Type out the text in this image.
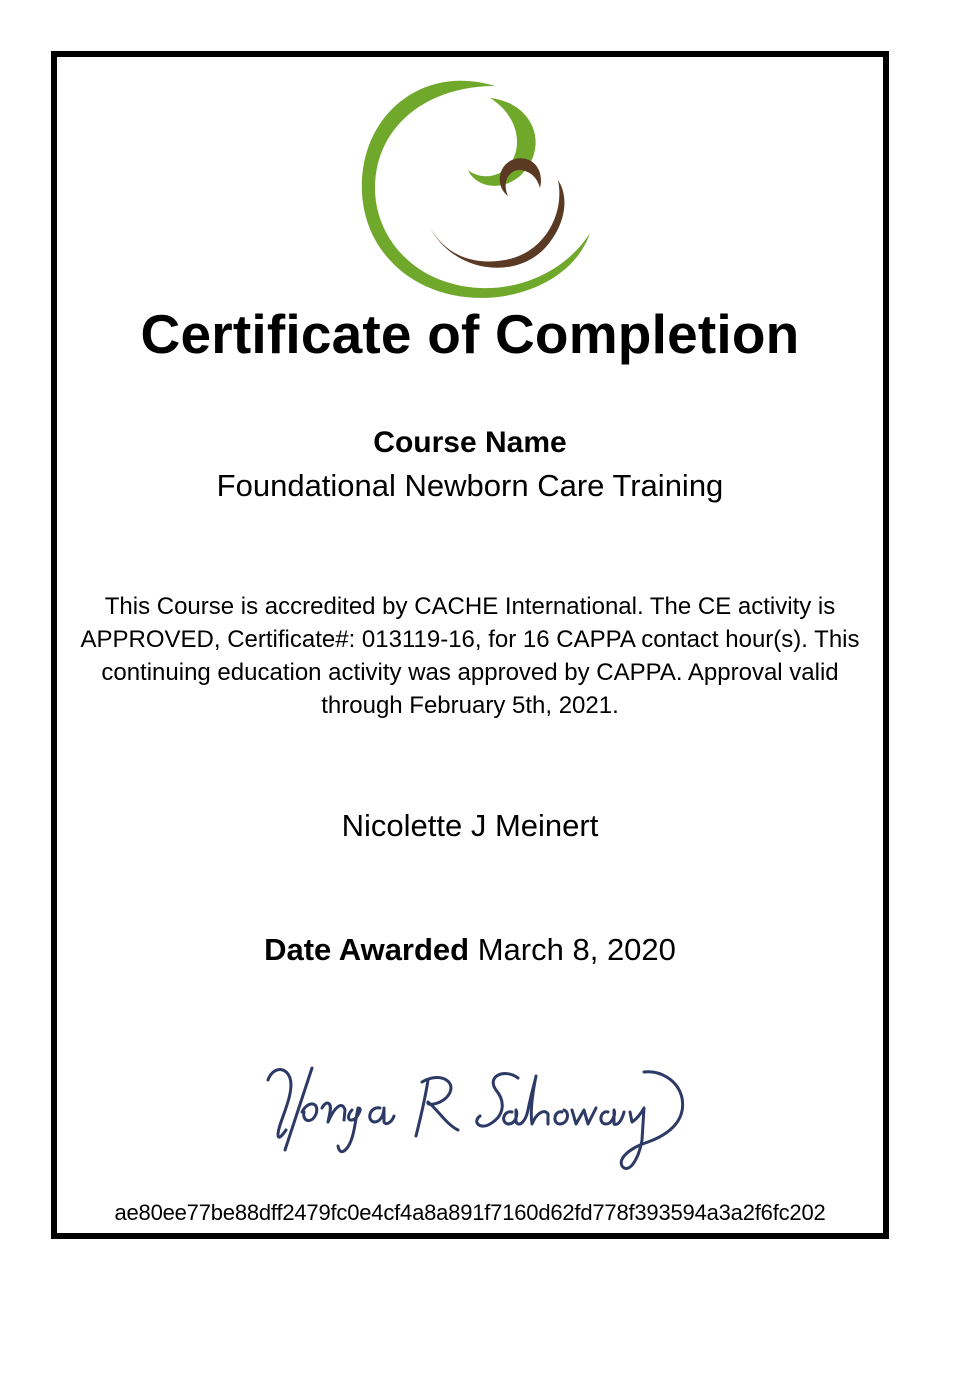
Certificate of Completion
Course Name
Foundational Newborn Care Training
This Course is accredited by CACHE International. The CE activity is APPROVED, Certificate#: 013119-16, for 16 CAPPA contact hour(s). This continuing education activity was approved by CAPPA. Approval valid through February 5th, 2021.
Nicolette J Meinert
Date Awarded March 8, 2020
ae80ee77be88dff2479fc0e4cf4a8a891f7160d62fd778f393594a3a2f6fc202
